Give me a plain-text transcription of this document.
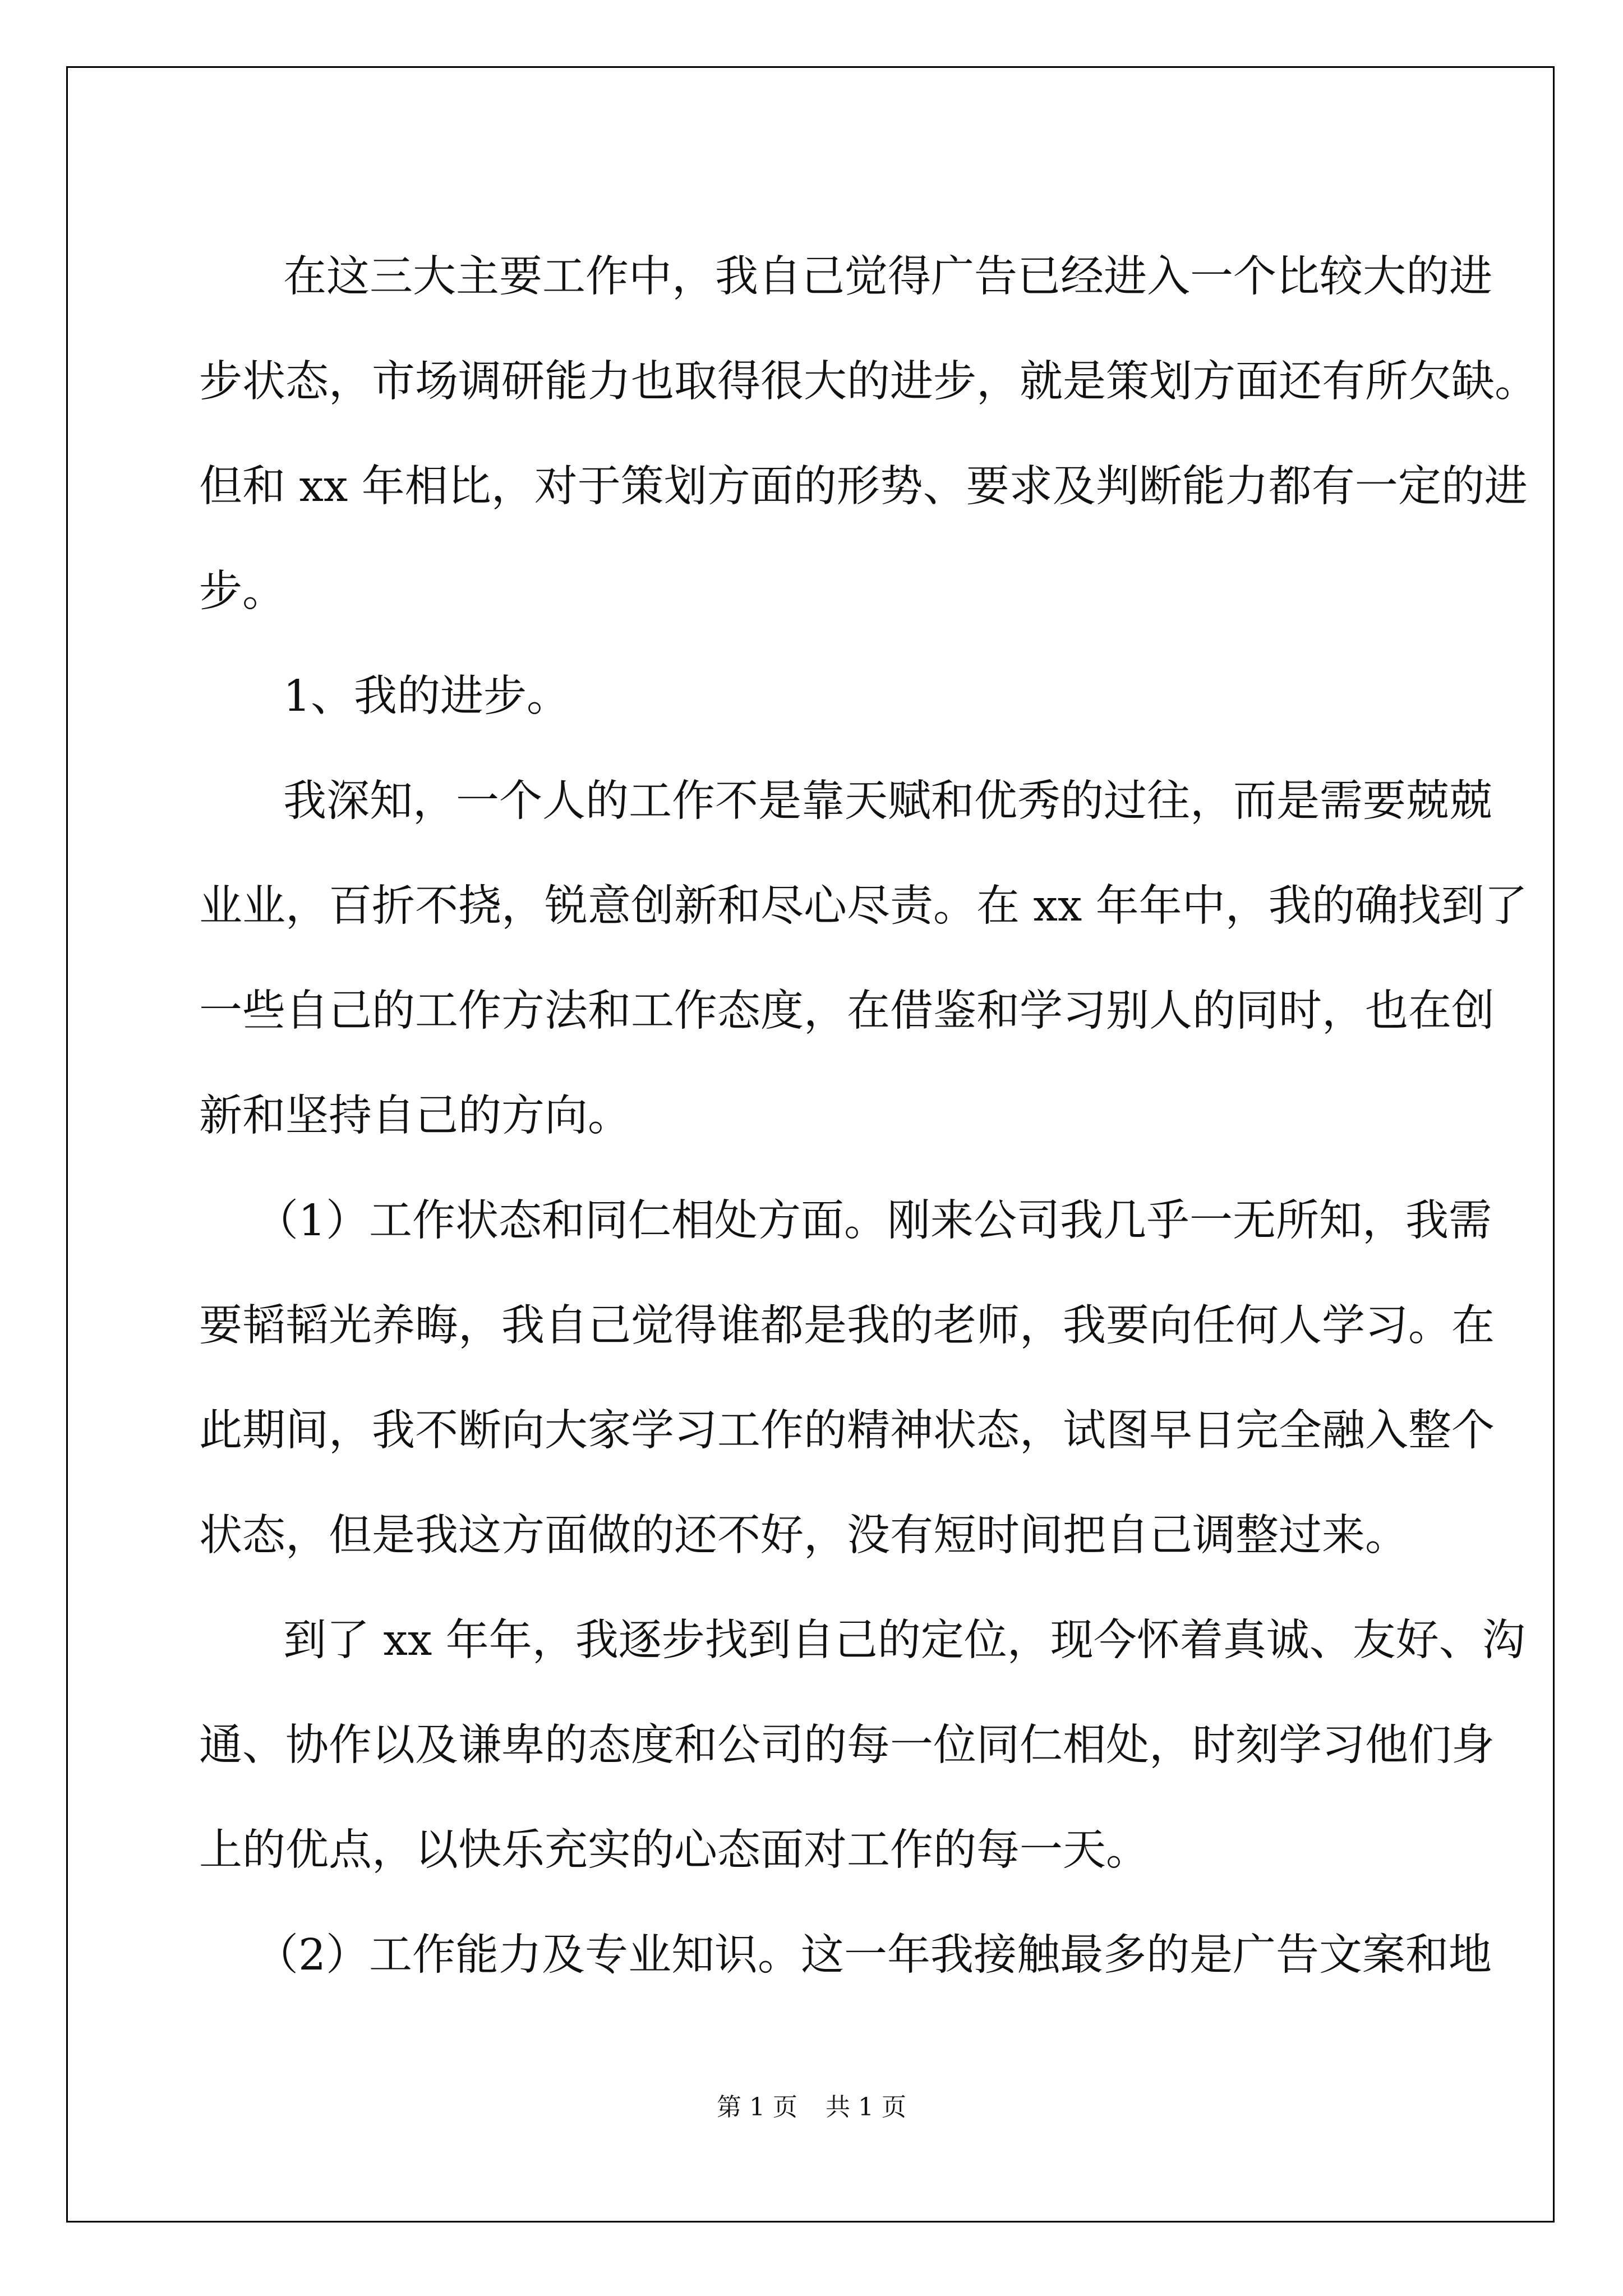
在这三大主要工作中，我自己觉得广告已经进入一个比较大的进
步状态，市场调研能力也取得很大的进步，就是策划方面还有所欠缺。
但和 xx 年相比，对于策划方面的形势、要求及判断能力都有一定的进
步。
1、我的进步。
我深知，一个人的工作不是靠天赋和优秀的过往，而是需要兢兢
业业，百折不挠，锐意创新和尽心尽责。在 xx 年年中，我的确找到了
一些自己的工作方法和工作态度，在借鉴和学习别人的同时，也在创
新和坚持自己的方向。
（1）工作状态和同仁相处方面。刚来公司我几乎一无所知，我需
要韬韬光养晦，我自己觉得谁都是我的老师，我要向任何人学习。在
此期间，我不断向大家学习工作的精神状态，试图早日完全融入整个
状态，但是我这方面做的还不好，没有短时间把自己调整过来。
到了 xx 年年，我逐步找到自己的定位，现今怀着真诚、友好、沟
通、协作以及谦卑的态度和公司的每一位同仁相处，时刻学习他们身
上的优点，以快乐充实的心态面对工作的每一天。
（2）工作能力及专业知识。这一年我接触最多的是广告文案和地
第 1 页 共 1 页
